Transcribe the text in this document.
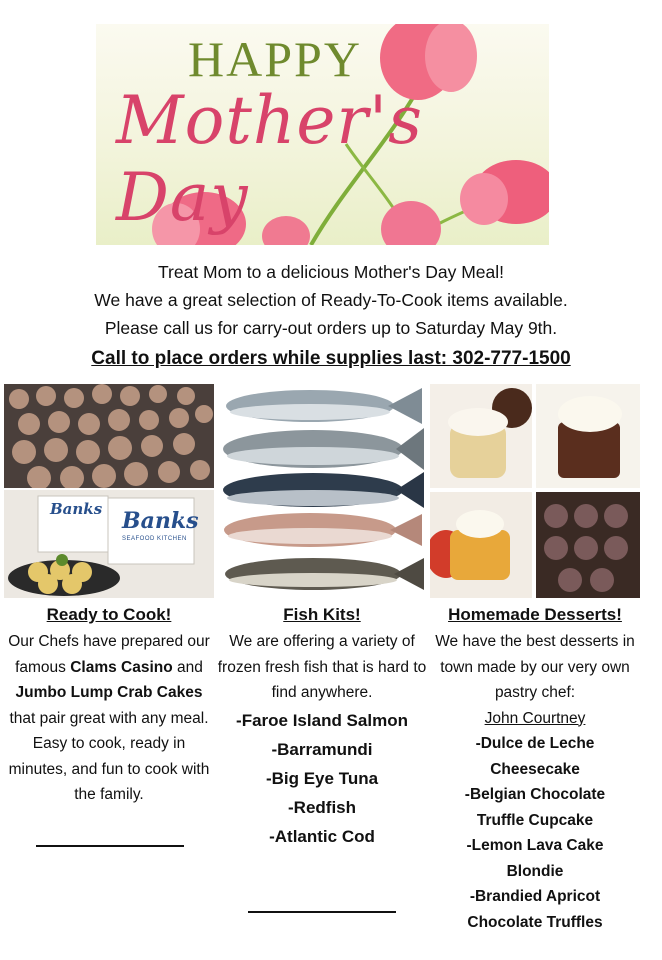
HAPPY
Mother's Day
Treat Mom to a delicious Mother's Day Meal!
We have a great selection of Ready-To-Cook items available.
Please call us for carry-out orders up to Saturday May 9th.
Call to place orders while supplies last: 302-777-1500
Banks Banks
SEAFOOD KITCHEN
Ready to Cook!
Our Chefs have prepared our famous Clams Casino and Jumbo Lump Crab Cakes that pair great with any meal. Easy to cook, ready in minutes, and fun to cook with the family.
Fish Kits!
We are offering a variety of frozen fresh fish that is hard to find anywhere.
-Faroe Island Salmon
-Barramundi
-Big Eye Tuna
-Redfish
-Atlantic Cod
Homemade Desserts!
We have the best desserts in town made by our very own pastry chef:
John Courtney
-Dulce de Leche Cheesecake
-Belgian Chocolate Truffle Cupcake
-Lemon Lava Cake Blondie
-Brandied Apricot Chocolate Truffles
